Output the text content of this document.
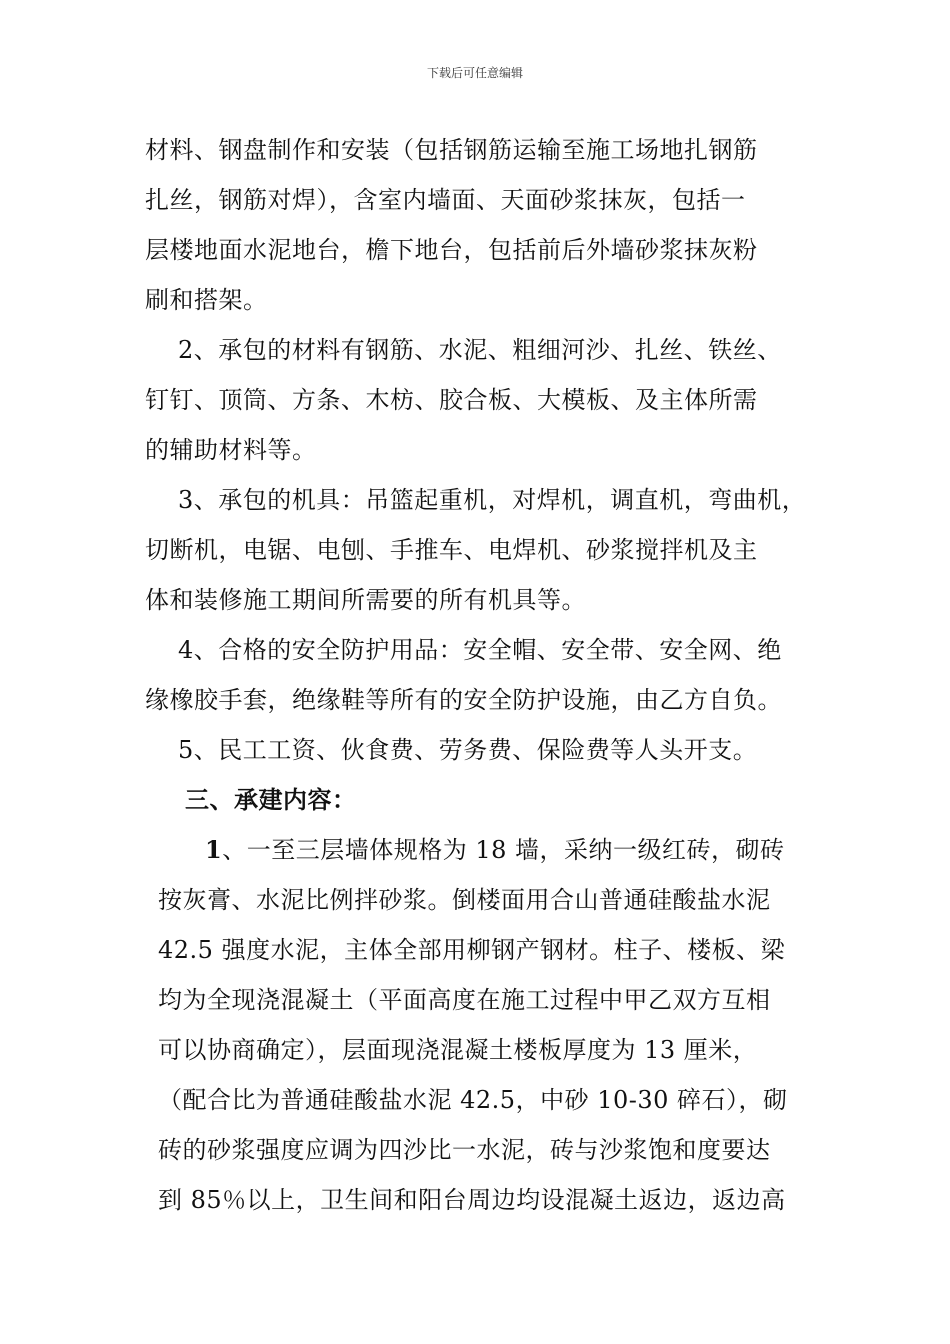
下载后可任意编辑
材料、钢盘制作和安装（包括钢筋运输至施工场地扎钢筋
扎丝，钢筋对焊），含室内墙面、天面砂浆抹灰，包括一
层楼地面水泥地台，檐下地台，包括前后外墙砂浆抹灰粉
刷和搭架。
2、承包的材料有钢筋、水泥、粗细河沙、扎丝、铁丝、
钉钉、顶筒、方条、木枋、胶合板、大模板、及主体所需
的辅助材料等。
3、承包的机具：吊篮起重机，对焊机，调直机，弯曲机，
切断机，电锯、电刨、手推车、电焊机、砂浆搅拌机及主
体和装修施工期间所需要的所有机具等。
4、合格的安全防护用品：安全帽、安全带、安全网、绝
缘橡胶手套，绝缘鞋等所有的安全防护设施，由乙方自负。
5、民工工资、伙食费、劳务费、保险费等人头开支。
三、承建内容：
1、一至三层墙体规格为 18 墙，采纳一级红砖，砌砖
按灰膏、水泥比例拌砂浆。倒楼面用合山普通硅酸盐水泥
42.5 强度水泥，主体全部用柳钢产钢材。柱子、楼板、梁
均为全现浇混凝土（平面高度在施工过程中甲乙双方互相
可以协商确定），层面现浇混凝土楼板厚度为 13 厘米，
（配合比为普通硅酸盐水泥 42.5，中砂 10-30 碎石），砌
砖的砂浆强度应调为四沙比一水泥，砖与沙浆饱和度要达
到 85％以上，卫生间和阳台周边均设混凝土返边，返边高
